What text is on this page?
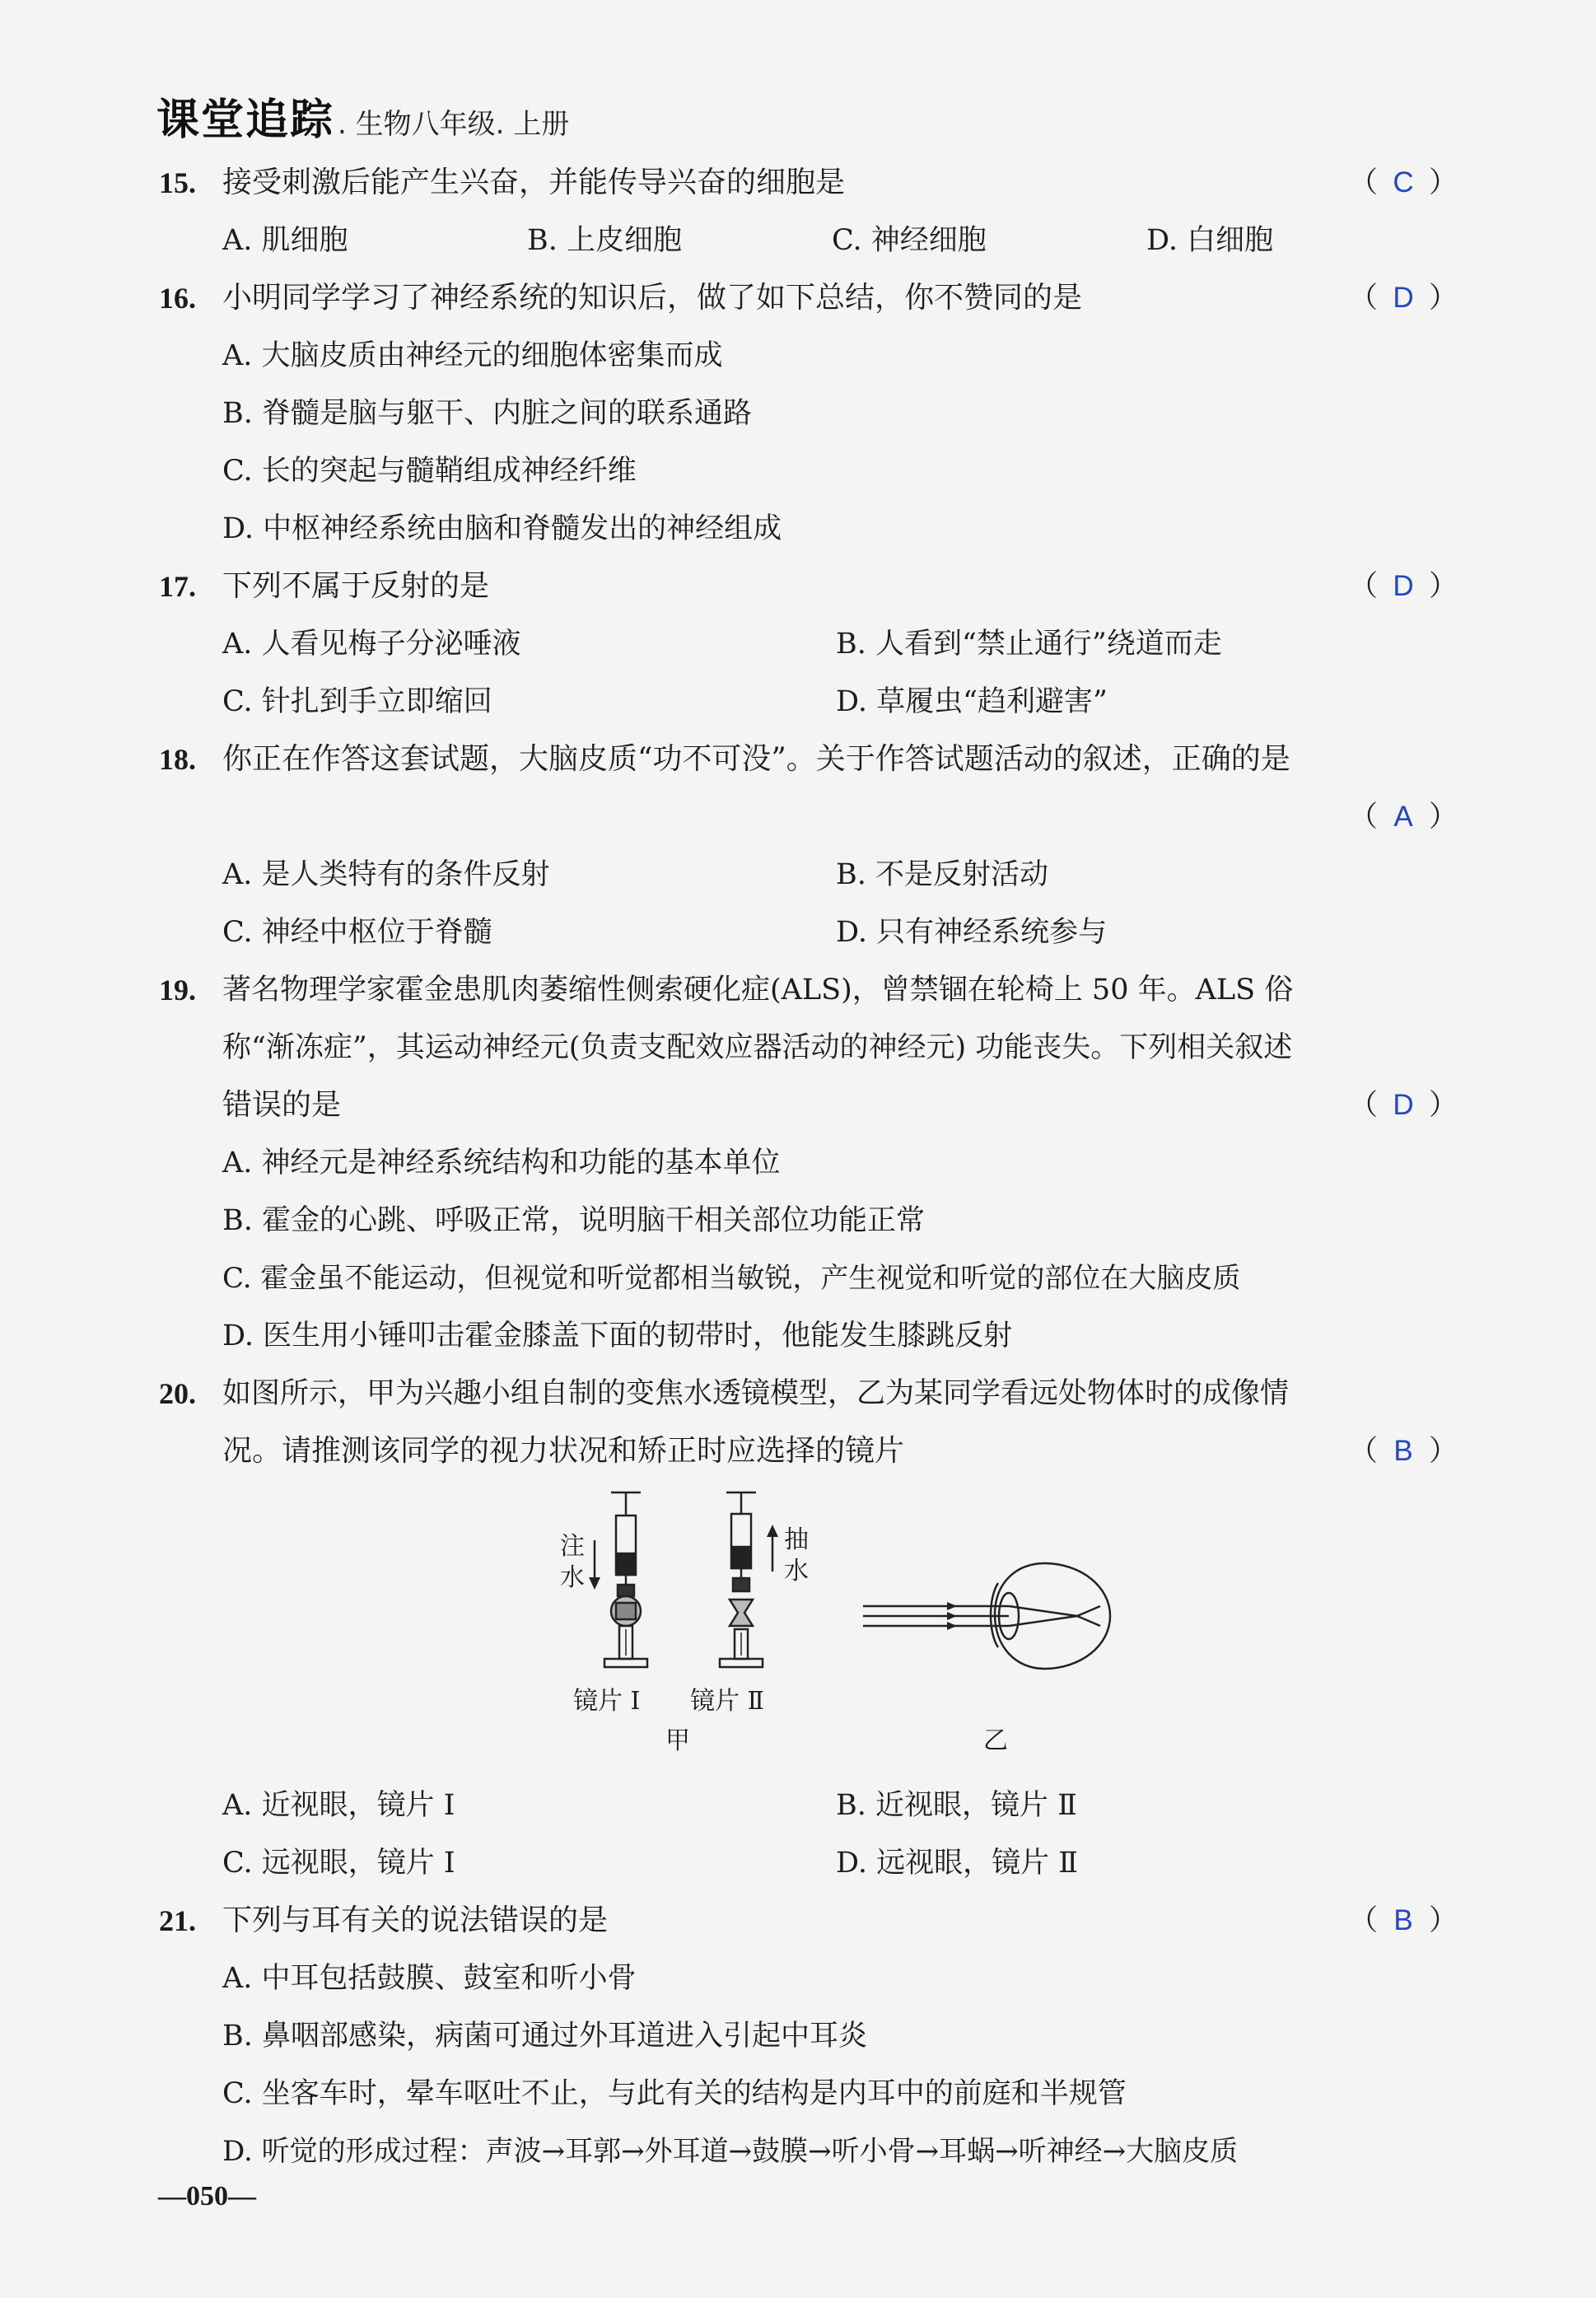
课堂追踪 . 生物八年级. 上册
15. 接受刺激后能产生兴奋，并能传导兴奋的细胞是	（ C ）
A. 肌细胞	B. 上皮细胞	C. 神经细胞	D. 白细胞
16. 小明同学学习了神经系统的知识后，做了如下总结，你不赞同的是	（ D ）
A. 大脑皮质由神经元的细胞体密集而成
B. 脊髓是脑与躯干、内脏之间的联系通路
C. 长的突起与髓鞘组成神经纤维
D. 中枢神经系统由脑和脊髓发出的神经组成
17. 下列不属于反射的是	（ D ）
A. 人看见梅子分泌唾液	B. 人看到“禁止通行”绕道而走
C. 针扎到手立即缩回	D. 草履虫“趋利避害”
18. 你正在作答这套试题，大脑皮质“功不可没”。关于作答试题活动的叙述，正确的是
（ A ）
A. 是人类特有的条件反射	B. 不是反射活动
C. 神经中枢位于脊髓	D. 只有神经系统参与
19. 著名物理学家霍金患肌肉萎缩性侧索硬化症(ALS)，曾禁锢在轮椅上 50 年。ALS 俗
称“渐冻症”，其运动神经元(负责支配效应器活动的神经元) 功能丧失。下列相关叙述
错误的是	（ D ）
A. 神经元是神经系统结构和功能的基本单位
B. 霍金的心跳、呼吸正常，说明脑干相关部位功能正常
C. 霍金虽不能运动，但视觉和听觉都相当敏锐，产生视觉和听觉的部位在大脑皮质
D. 医生用小锤叩击霍金膝盖下面的韧带时，他能发生膝跳反射
20. 如图所示，甲为兴趣小组自制的变焦水透镜模型，乙为某同学看远处物体时的成像情
况。请推测该同学的视力状况和矫正时应选择的镜片	（ B ）
注
水
抽
水
镜片 Ⅰ 镜片 Ⅱ
甲	乙
A. 近视眼，镜片 Ⅰ	B. 近视眼，镜片 Ⅱ
C. 远视眼，镜片 Ⅰ	D. 远视眼，镜片 Ⅱ
21. 下列与耳有关的说法错误的是	（ B ）
A. 中耳包括鼓膜、鼓室和听小骨
B. 鼻咽部感染，病菌可通过外耳道进入引起中耳炎
C. 坐客车时，晕车呕吐不止，与此有关的结构是内耳中的前庭和半规管
D. 听觉的形成过程：声波→耳郭→外耳道→鼓膜→听小骨→耳蜗→听神经→大脑皮质
—050—
